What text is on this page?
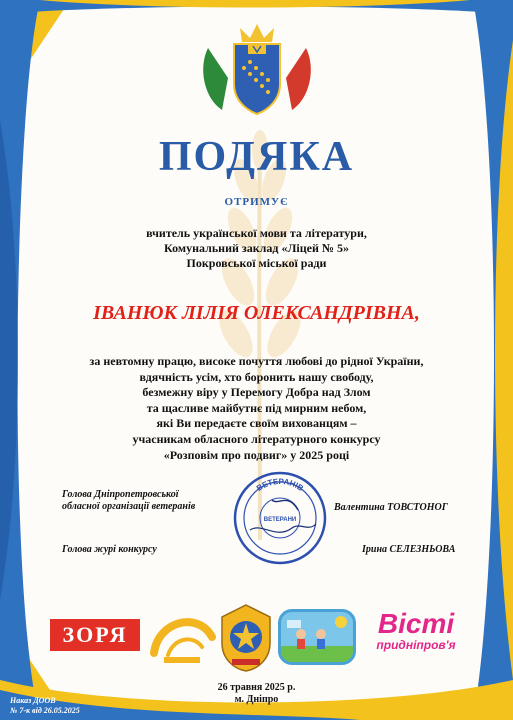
ПОДЯКА
ОТРИМУЄ
вчитель української мови та літератури,
Комунальний заклад «Ліцей № 5»
Покровської міської ради
ІВАНЮК ЛІЛІЯ ОЛЕКСАНДРІВНА,
за невтомну працю, високе почуття любові до рідної України,
вдячність усім, хто боронить нашу свободу,
безмежну віру у Перемогу Добра над Злом
та щасливе майбутнє під мирним небом,
які Ви передаєте своїм вихованцям –
учасникам обласного літературного конкурсу
«Розповім про подвиг» у 2025 році
Голова Дніпропетровської
обласної організації ветеранів	Валентина ТОВСТОНОГ
Голова журі конкурсу	Ірина СЕЛЕЗНЬОВА
ВЕТЕРАНІВ
ВЕТЕРАНИ
ЗОРЯ	Вісті
придніпров'я
26 травня 2025 р.
м. Дніпро
Наказ ДООВ
№ 7-к від 26.05.2025
